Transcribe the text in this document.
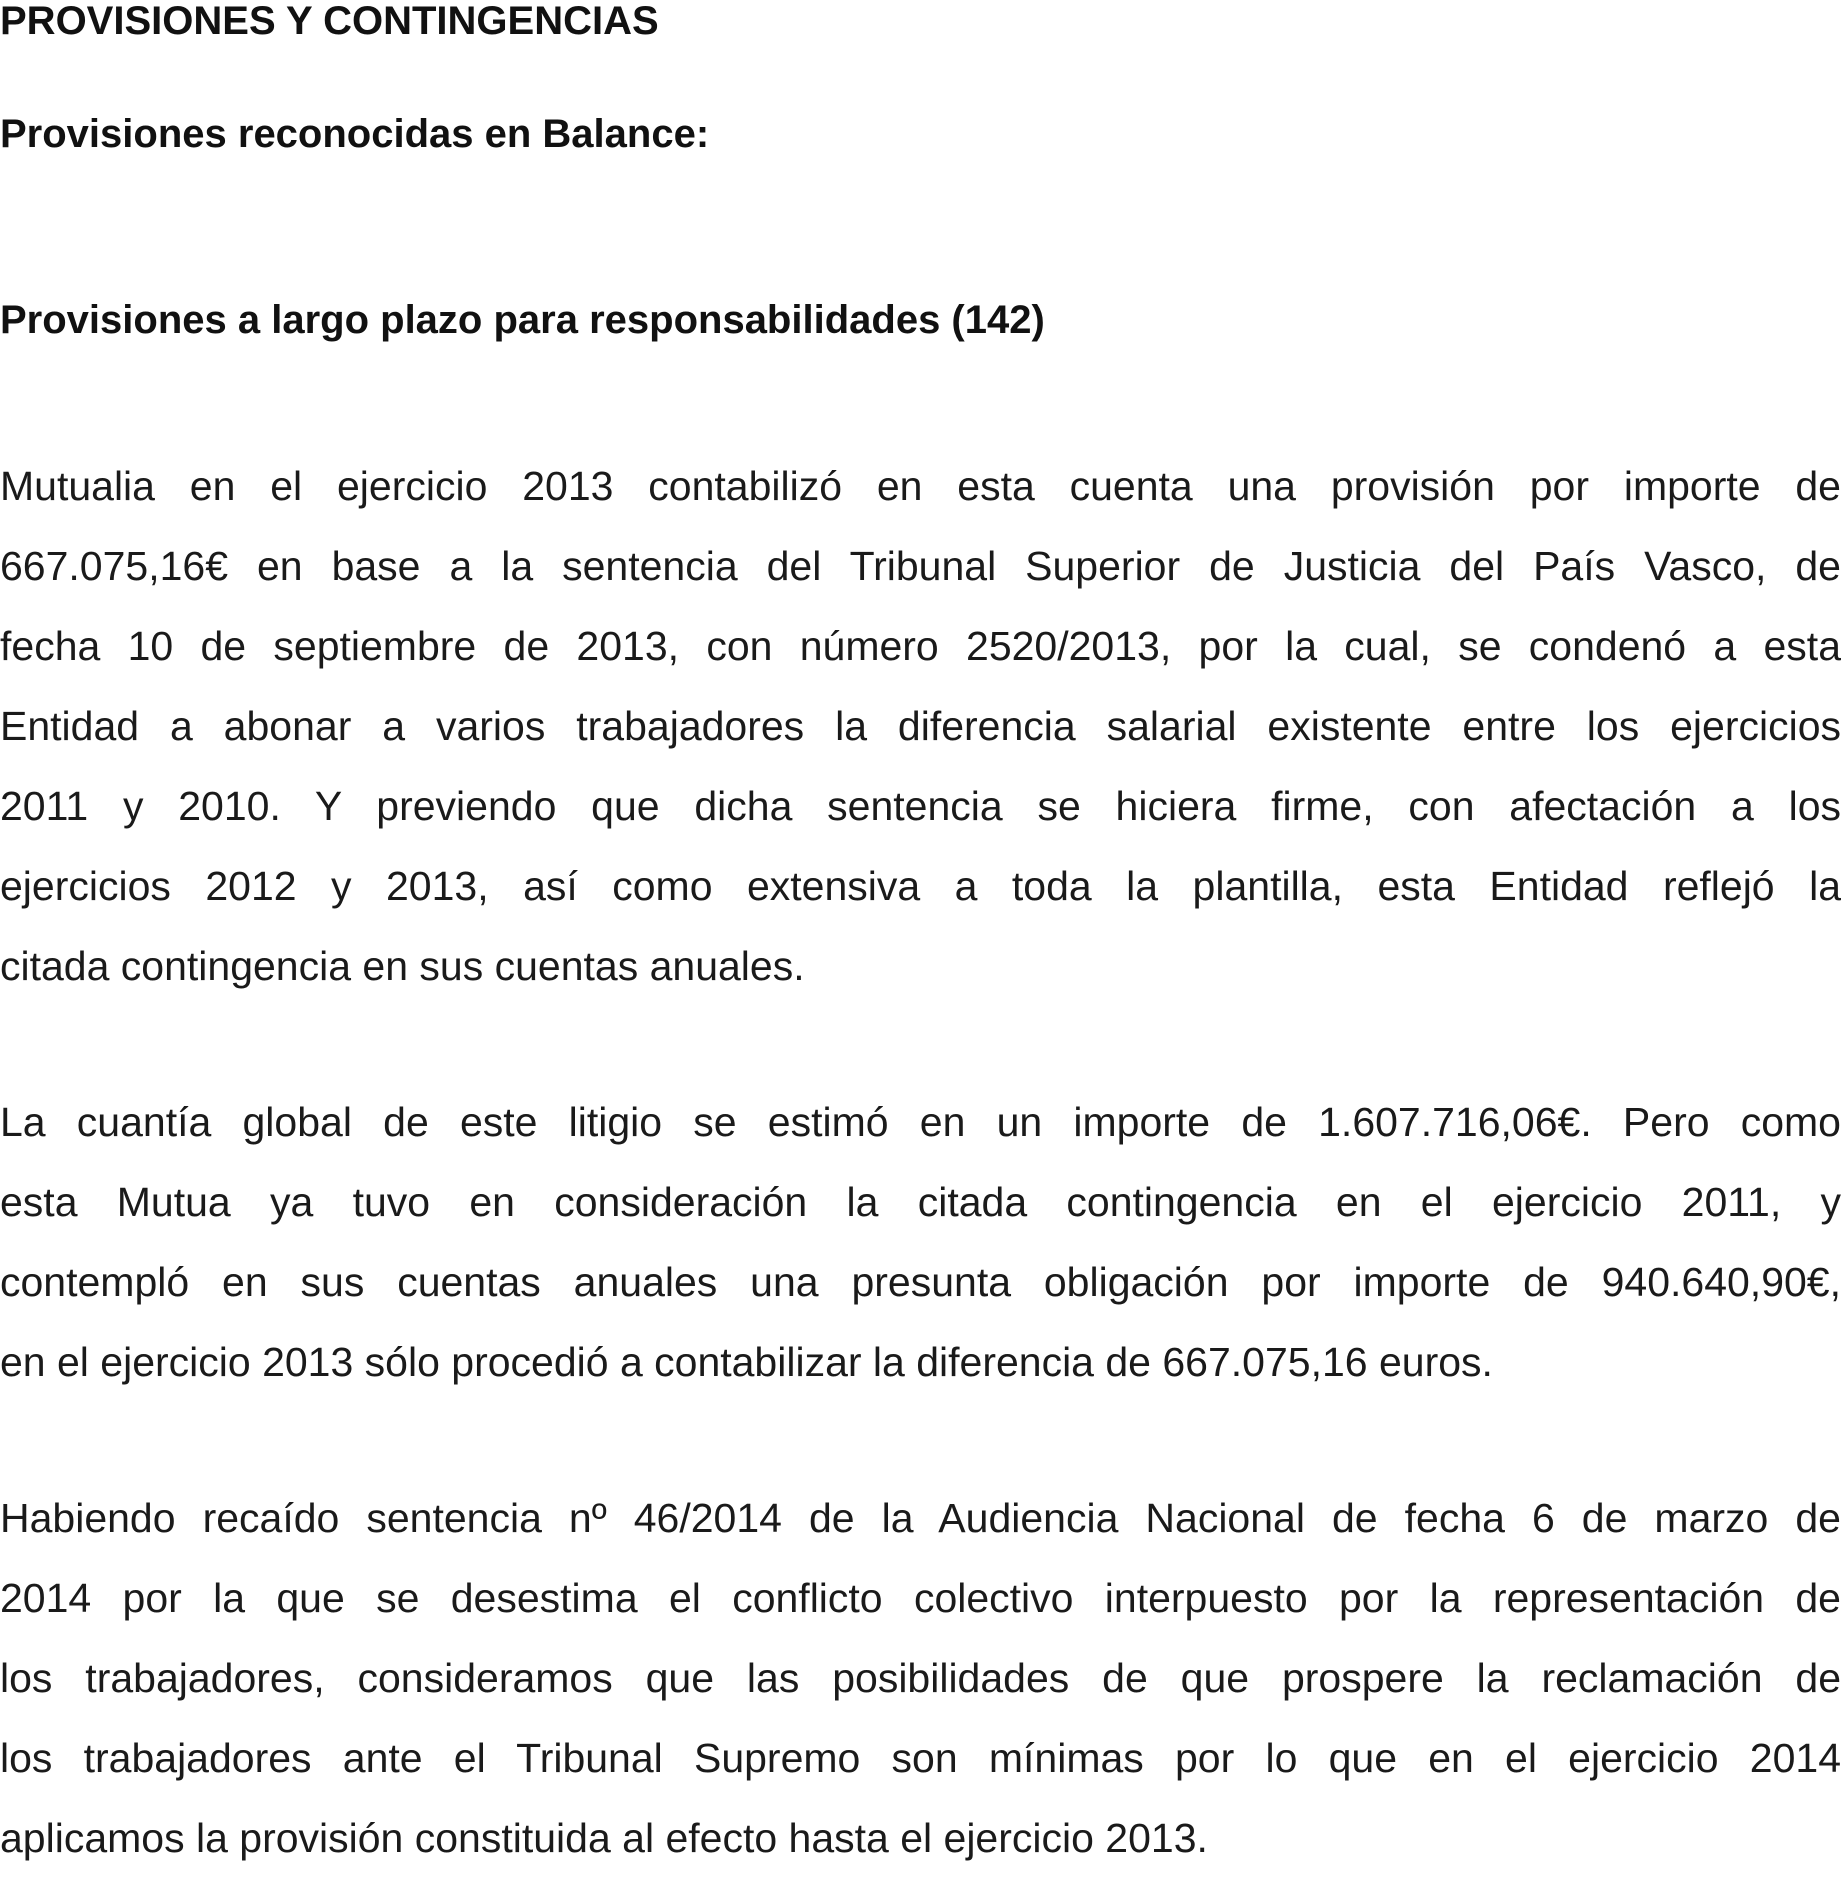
PROVISIONES Y CONTINGENCIAS
Provisiones reconocidas en Balance:
Provisiones a largo plazo para responsabilidades (142)
Mutualia en el ejercicio 2013 contabilizó en esta cuenta una provisión por importe de
667.075,16€ en base a la sentencia del Tribunal Superior de Justicia del País Vasco, de
fecha 10 de septiembre de 2013, con número 2520/2013, por la cual, se condenó a esta
Entidad a abonar a varios trabajadores la diferencia salarial existente entre los ejercicios
2011 y 2010. Y previendo que dicha sentencia se hiciera firme, con afectación a los
ejercicios 2012 y 2013, así como extensiva a toda la plantilla, esta Entidad reflejó la
citada contingencia en sus cuentas anuales.
La cuantía global de este litigio se estimó en un importe de 1.607.716,06€. Pero como
esta Mutua ya tuvo en consideración la citada contingencia en el ejercicio 2011, y
contempló en sus cuentas anuales una presunta obligación por importe de 940.640,90€,
en el ejercicio 2013 sólo procedió a contabilizar la diferencia de 667.075,16 euros.
Habiendo recaído sentencia nº 46/2014 de la Audiencia Nacional de fecha 6 de marzo de
2014 por la que se desestima el conflicto colectivo interpuesto por la representación de
los trabajadores, consideramos que las posibilidades de que prospere la reclamación de
los trabajadores ante el Tribunal Supremo son mínimas por lo que en el ejercicio 2014
aplicamos la provisión constituida al efecto hasta el ejercicio 2013.
